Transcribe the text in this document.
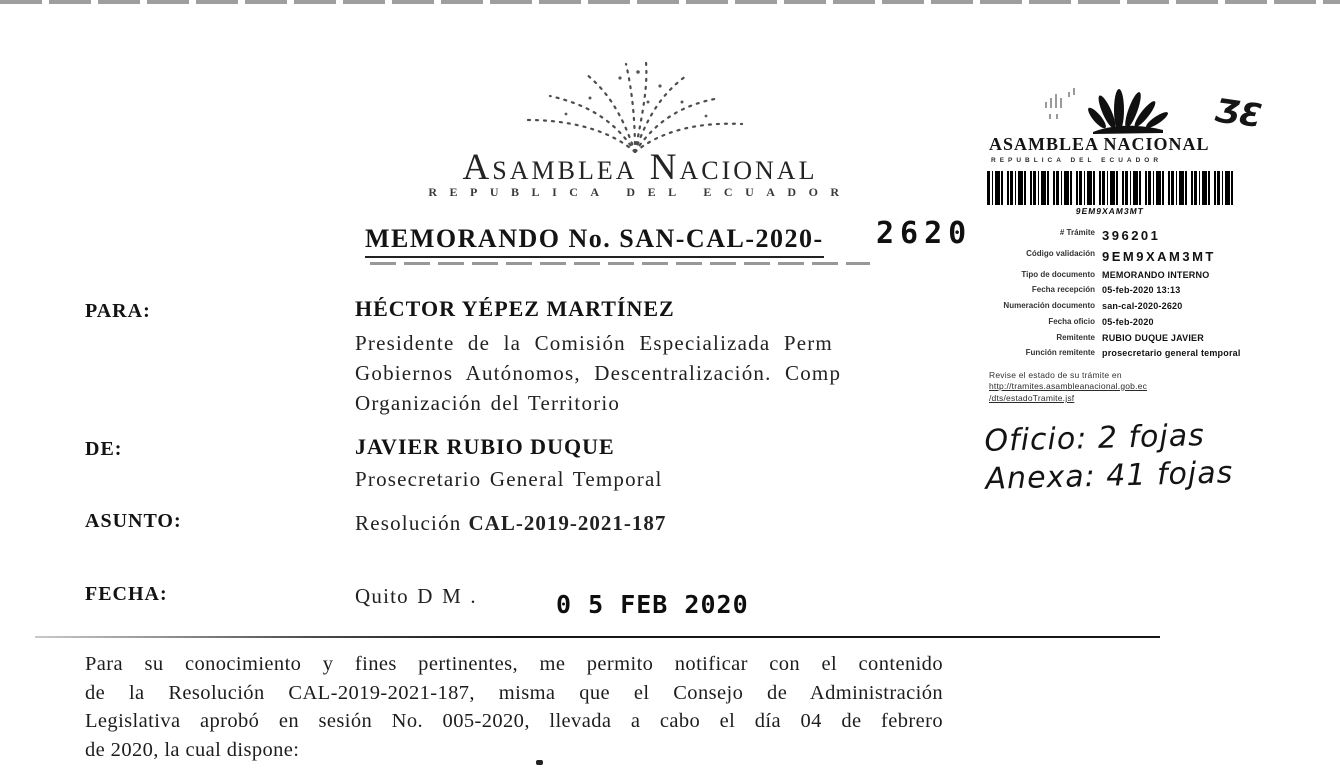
Asamblea Nacional
REPUBLICA DEL ECUADOR
MEMORANDO No. SAN-CAL-2020- 2620
PARA:	HÉCTOR YÉPEZ MARTÍNEZ
Presidente de la Comisión Especializada Perm
Gobiernos Autónomos, Descentralización. Comp
Organización del Territorio
DE:	JAVIER RUBIO DUQUE
Prosecretario General Temporal
ASUNTO:	Resolución CAL-2019-2021-187
FECHA:	Quito D M .	0 5 FEB 2020
Para su conocimiento y fines pertinentes, me permito notificar con el contenido
de la Resolución CAL-2019-2021-187, misma que el Consejo de Administración
Legislativa aprobó en sesión No. 005-2020, llevada a cabo el día 04 de febrero
de 2020, la cual dispone:
ƷƐ
ASAMBLEA NACIONAL
REPUBLICA DEL ECUADOR
9EM9XAM3MT
# Trámite 396201
Código validación 9EM9XAM3MT
Tipo de documento MEMORANDO INTERNO
Fecha recepción 05-feb-2020 13:13
Numeración documento san-cal-2020-2620
Fecha oficio 05-feb-2020
Remitente RUBIO DUQUE JAVIER
Función remitente prosecretario general temporal
Revise el estado de su trámite en
http://tramites.asambleanacional.gob.ec
/dts/estadoTramite.jsf
Oficio: 2 fojas
Anexa: 41 fojas
